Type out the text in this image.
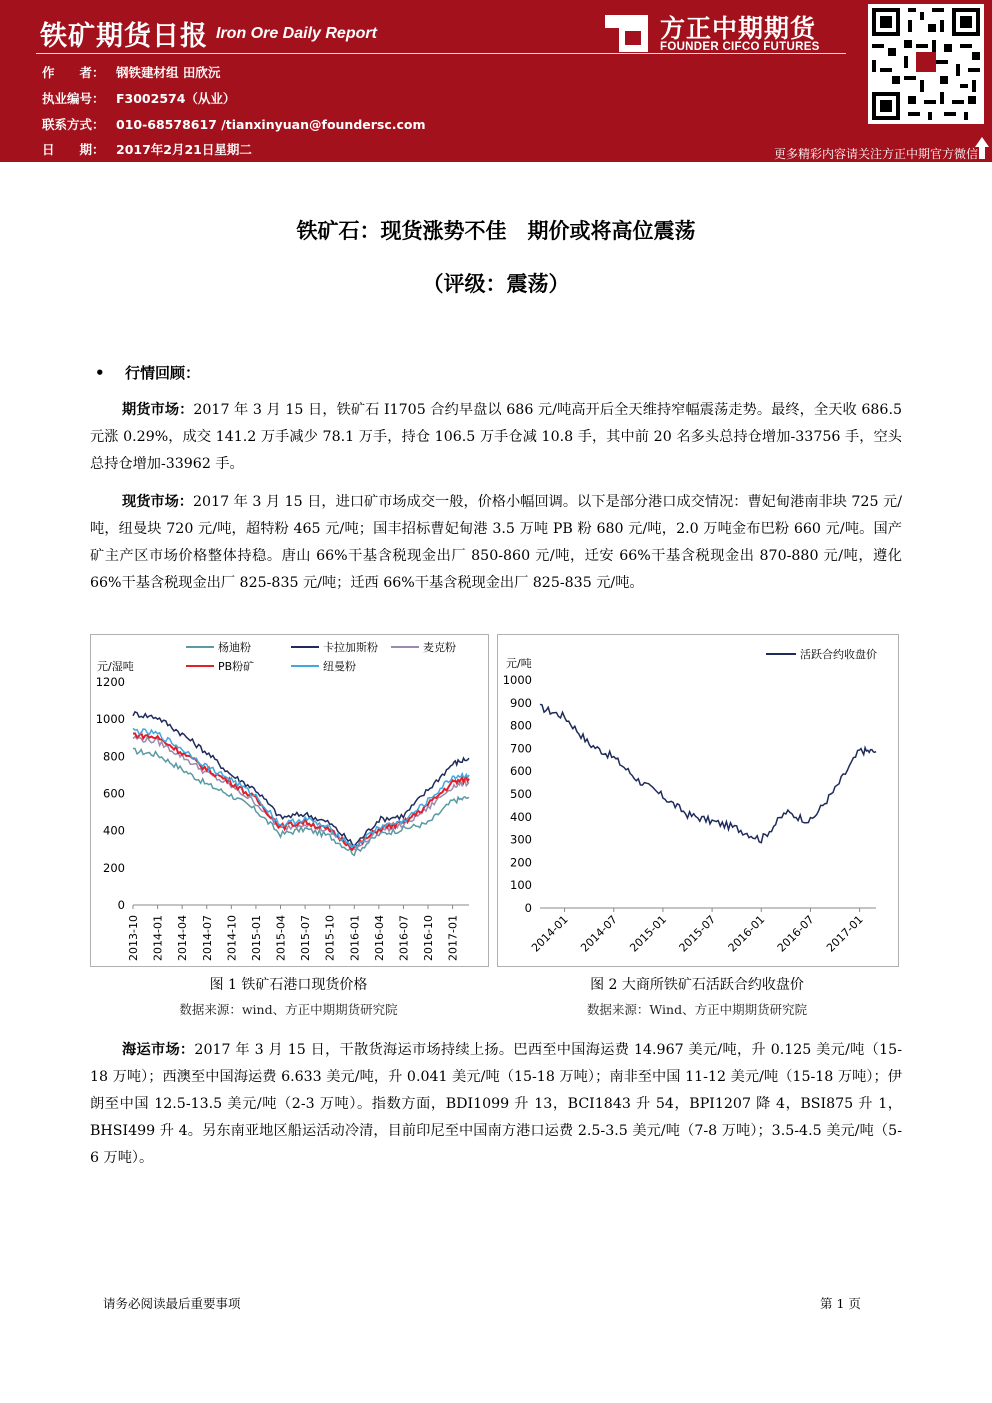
铁矿期货日报 Iron Ore Daily Report
作　　者： 钢铁建材组 田欣沅
执业编号： F3002574（从业）
联系方式： 010-68578617 /tianxinyuan@foundersc.com
日　　期： 2017年2月21日星期二
方正中期期货
FOUNDER CIFCO FUTURES
更多精彩内容请关注方正中期官方微信
铁矿石：现货涨势不佳　期价或将高位震荡
（评级：震荡）
• 行情回顾：
期货市场：2017 年 3 月 15 日，铁矿石 I1705 合约早盘以 686 元/吨高开后全天维持窄幅震荡走势。最终，全天收 686.5 元涨 0.29%，成交 141.2 万手减少 78.1 万手，持仓 106.5 万手仓减 10.8 手，其中前 20 名多头总持仓增加-33756 手，空头总持仓增加-33962 手。
现货市场：2017 年 3 月 15 日，进口矿市场成交一般，价格小幅回调。以下是部分港口成交情况：曹妃甸港南非块 725 元/吨，纽曼块 720 元/吨，超特粉 465 元/吨；国丰招标曹妃甸港 3.5 万吨 PB 粉 680 元/吨，2.0 万吨金布巴粉 660 元/吨。国产矿主产区市场价格整体持稳。唐山 66%干基含税现金出厂 850-860 元/吨，迁安 66%干基含税现金出 870-880 元/吨，遵化 66%干基含税现金出厂 825-835 元/吨；迁西 66%干基含税现金出厂 825-835 元/吨。
元/湿吨
0
200
400
600
800
1000
1200
2013-10 2014-01 2014-04 2014-07 2014-10 2015-01 2015-04 2015-07 2015-10 2016-01 2016-04 2016-07 2016-10 2017-01
杨迪粉	卡拉加斯粉	麦克粉
PB粉矿	纽曼粉	元/吨
0
100
200
300
400
500
600
700
800
900
1000
2014-01 2014-07 2015-01 2015-07 2016-01 2016-07 2017-01
活跃合约收盘价
图 1 铁矿石港口现货价格
数据来源：wind、方正中期期货研究院
图 2 大商所铁矿石活跃合约收盘价
数据来源：Wind、方正中期期货研究院
海运市场：2017 年 3 月 15 日，干散货海运市场持续上扬。巴西至中国海运费 14.967 美元/吨，升 0.125 美元/吨（15-18 万吨）；西澳至中国海运费 6.633 美元/吨，升 0.041 美元/吨（15-18 万吨）；南非至中国 11-12 美元/吨（15-18 万吨）；伊朗至中国 12.5-13.5 美元/吨（2-3 万吨）。指数方面，BDI1099 升 13，BCI1843 升 54，BPI1207 降 4，BSI875 升 1，BHSI499 升 4。另东南亚地区船运活动冷清，目前印尼至中国南方港口运费 2.5-3.5 美元/吨（7-8 万吨）；3.5-4.5 美元/吨（5-6 万吨）。
请务必阅读最后重要事项	第 1 页
